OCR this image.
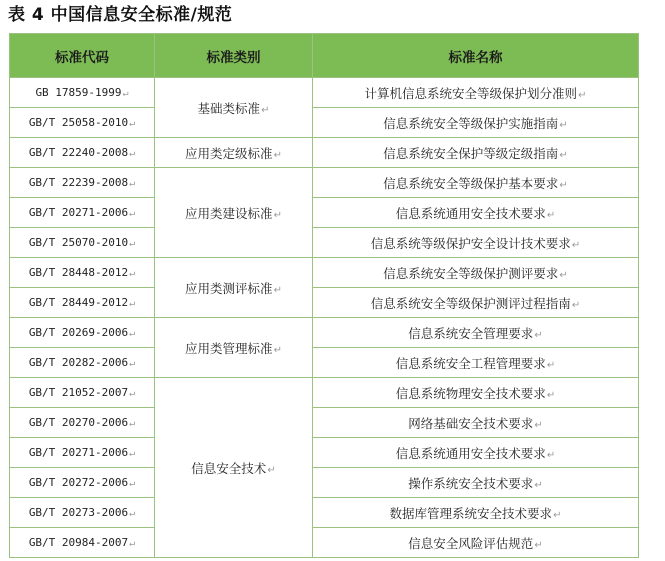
表 4 中国信息安全标准/规范
标准代码	标准类别	标准名称
GB 17859-1999↵	基础类标准↵	计算机信息系统安全等级保护划分准则↵
GB/T 25058-2010↵		信息系统安全等级保护实施指南↵
GB/T 22240-2008↵	应用类定级标准↵	信息系统安全保护等级定级指南↵
GB/T 22239-2008↵	应用类建设标准↵	信息系统安全等级保护基本要求↵
GB/T 20271-2006↵		信息系统通用安全技术要求↵
GB/T 25070-2010↵		信息系统等级保护安全设计技术要求↵
GB/T 28448-2012↵	应用类测评标准↵	信息系统安全等级保护测评要求↵
GB/T 28449-2012↵		信息系统安全等级保护测评过程指南↵
GB/T 20269-2006↵	应用类管理标准↵	信息系统安全管理要求↵
GB/T 20282-2006↵		信息系统安全工程管理要求↵
GB/T 21052-2007↵	信息安全技术↵	信息系统物理安全技术要求↵
GB/T 20270-2006↵		网络基础安全技术要求↵
GB/T 20271-2006↵		信息系统通用安全技术要求↵
GB/T 20272-2006↵		操作系统安全技术要求↵
GB/T 20273-2006↵		数据库管理系统安全技术要求↵
GB/T 20984-2007↵		信息安全风险评估规范↵
